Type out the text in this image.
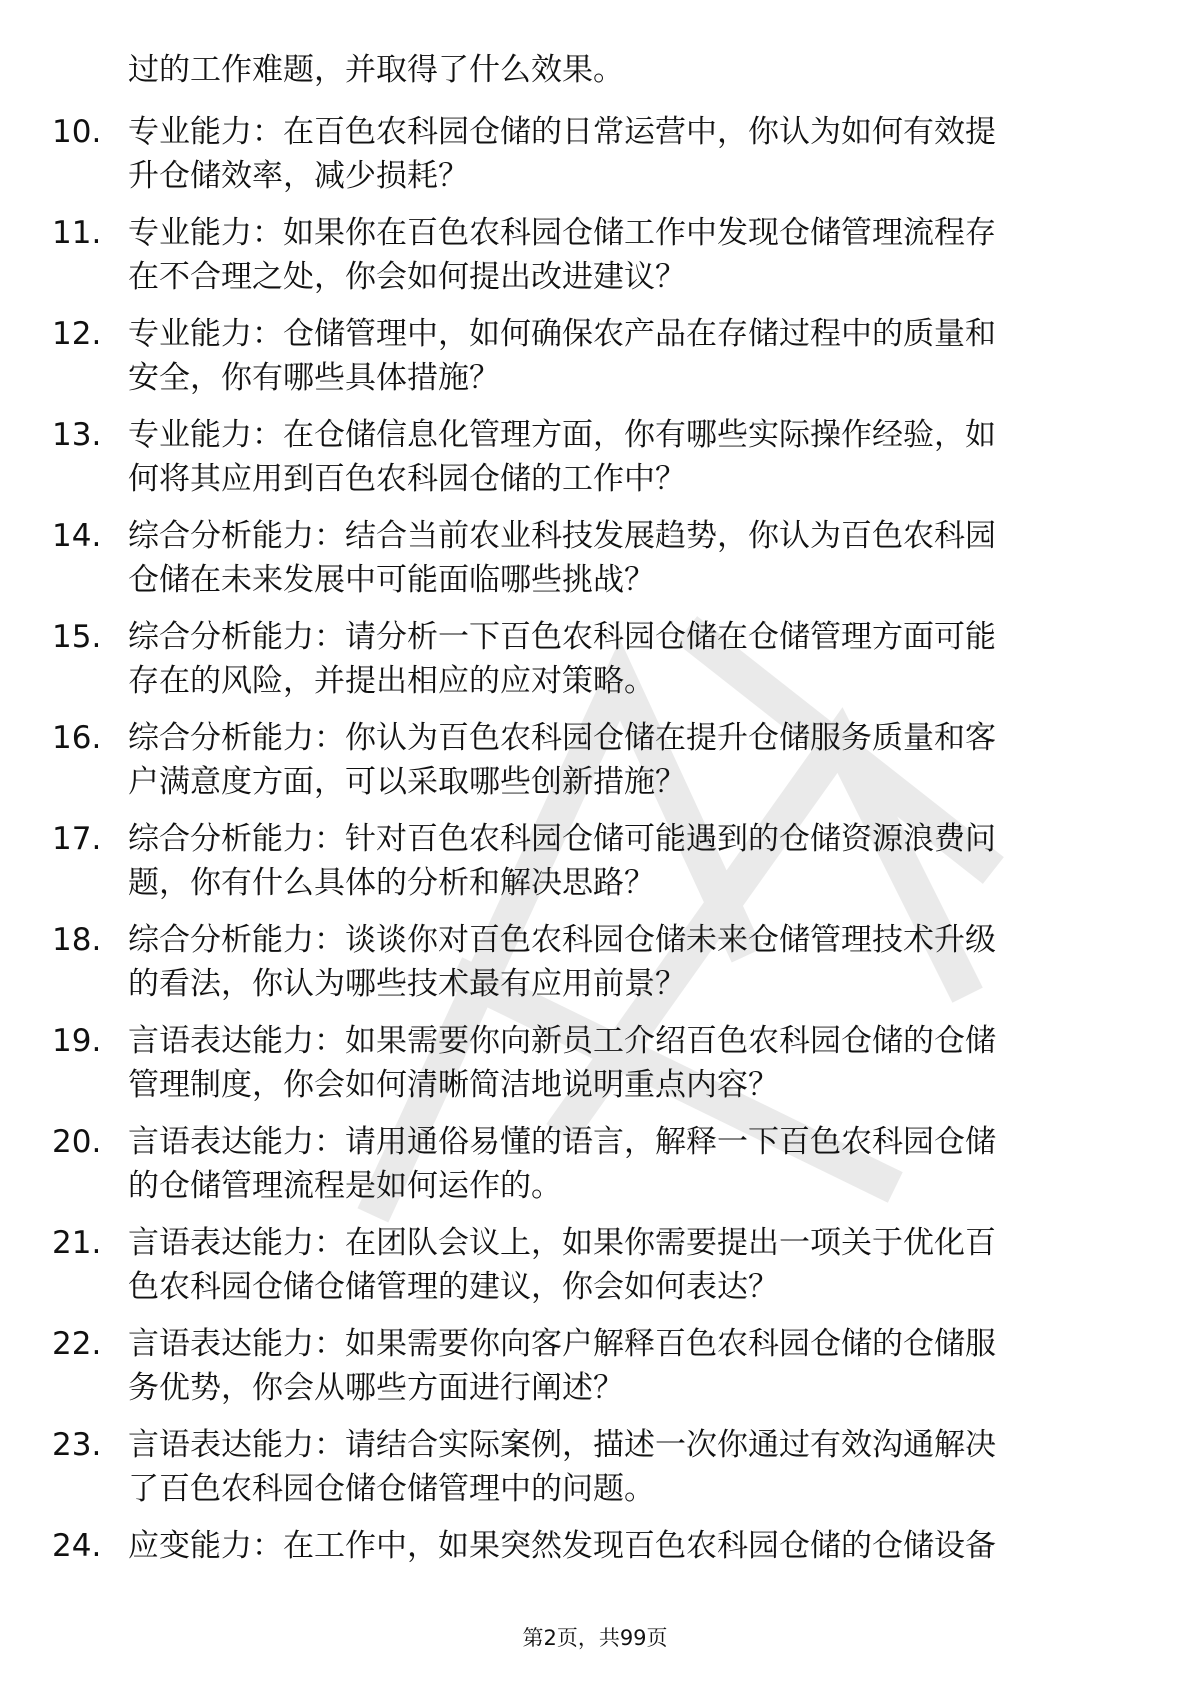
过的工作难题，并取得了什么效果。
10. 专业能力：在百色农科园仓储的日常运营中，你认为如何有效提
升仓储效率，减少损耗？
11. 专业能力：如果你在百色农科园仓储工作中发现仓储管理流程存
在不合理之处，你会如何提出改进建议？
12. 专业能力：仓储管理中，如何确保农产品在存储过程中的质量和
安全，你有哪些具体措施？
13. 专业能力：在仓储信息化管理方面，你有哪些实际操作经验，如
何将其应用到百色农科园仓储的工作中？
14. 综合分析能力：结合当前农业科技发展趋势，你认为百色农科园
仓储在未来发展中可能面临哪些挑战？
15. 综合分析能力：请分析一下百色农科园仓储在仓储管理方面可能
存在的风险，并提出相应的应对策略。
16. 综合分析能力：你认为百色农科园仓储在提升仓储服务质量和客
户满意度方面，可以采取哪些创新措施？
17. 综合分析能力：针对百色农科园仓储可能遇到的仓储资源浪费问
题，你有什么具体的分析和解决思路？
18. 综合分析能力：谈谈你对百色农科园仓储未来仓储管理技术升级
的看法，你认为哪些技术最有应用前景？
19. 言语表达能力：如果需要你向新员工介绍百色农科园仓储的仓储
管理制度，你会如何清晰简洁地说明重点内容？
20. 言语表达能力：请用通俗易懂的语言，解释一下百色农科园仓储
的仓储管理流程是如何运作的。
21. 言语表达能力：在团队会议上，如果你需要提出一项关于优化百
色农科园仓储仓储管理的建议，你会如何表达？
22. 言语表达能力：如果需要你向客户解释百色农科园仓储的仓储服
务优势，你会从哪些方面进行阐述？
23. 言语表达能力：请结合实际案例，描述一次你通过有效沟通解决
了百色农科园仓储仓储管理中的问题。
24. 应变能力：在工作中，如果突然发现百色农科园仓储的仓储设备
第2页，共99页
